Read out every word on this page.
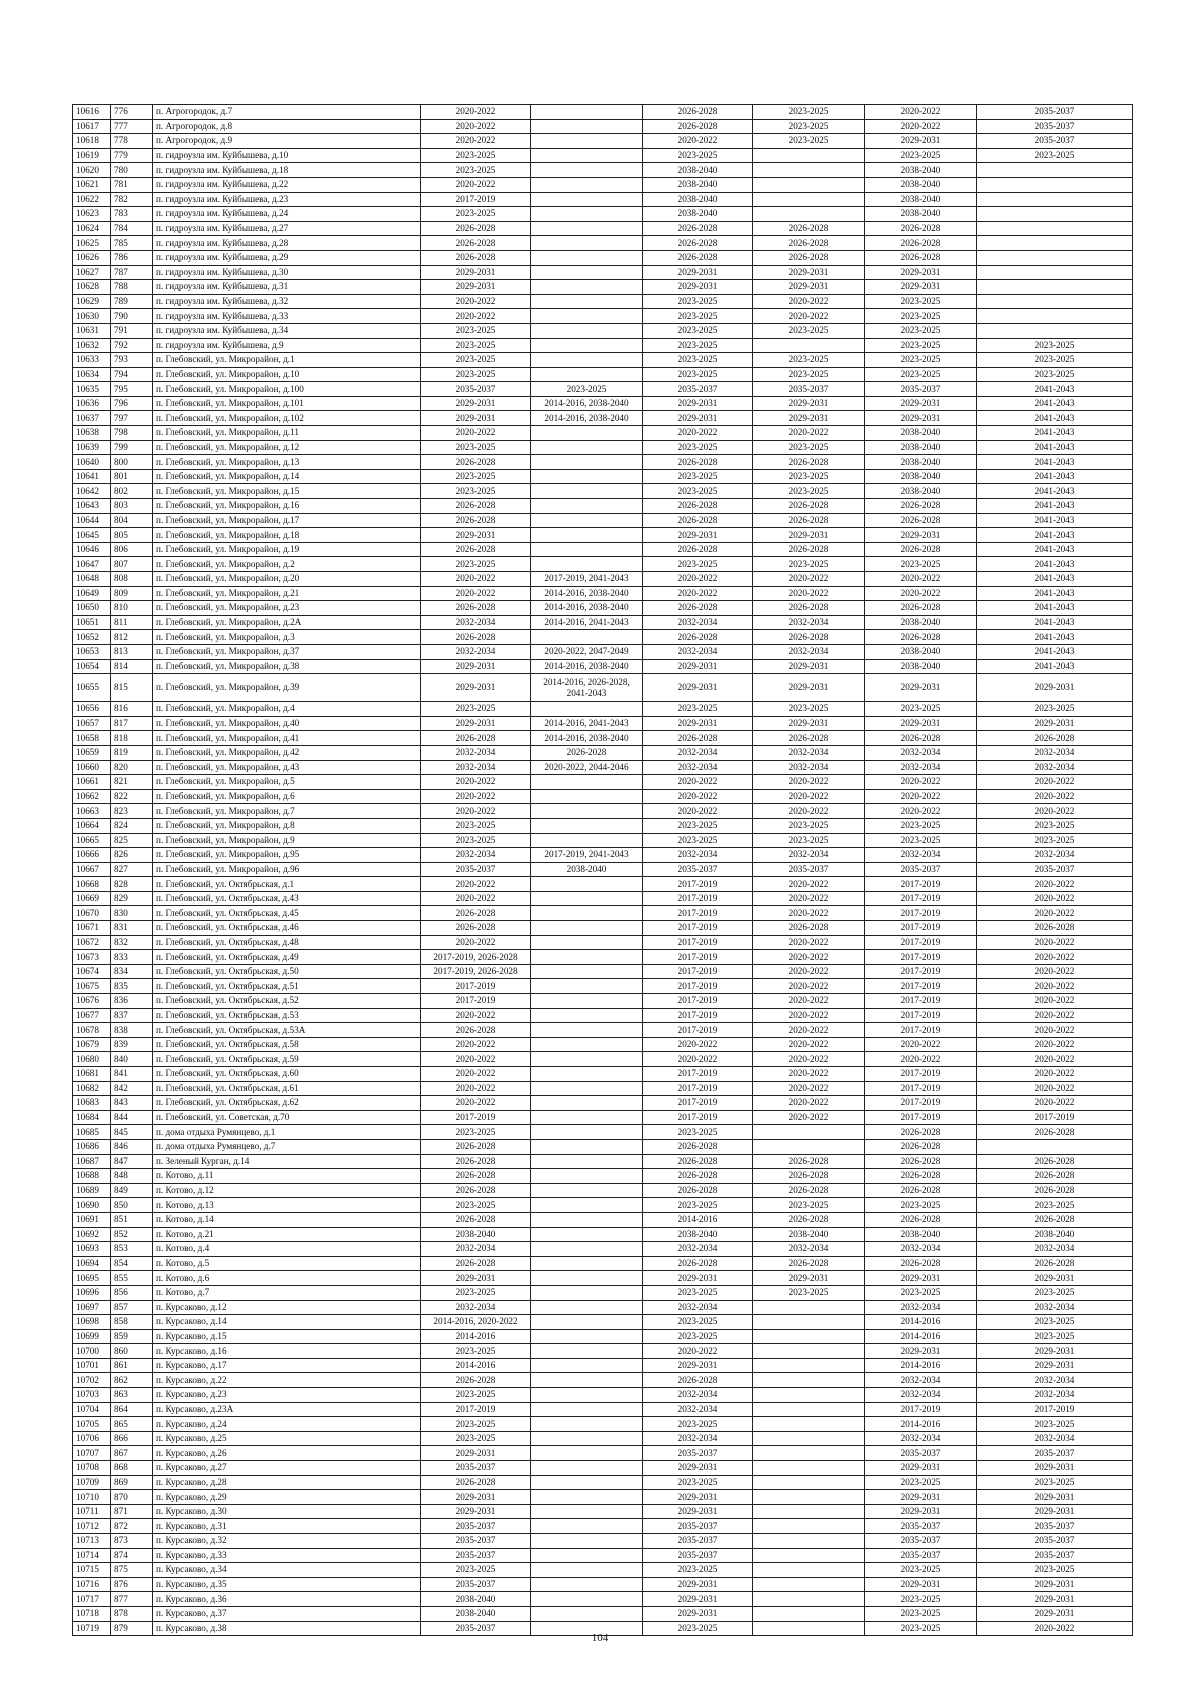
10616	776	п. Агрогородок, д.7	2020-2022		2026-2028	2023-2025	2020-2022	2035-2037
10617	777	п. Агрогородок, д.8	2020-2022		2026-2028	2023-2025	2020-2022	2035-2037
10618	778	п. Агрогородок, д.9	2020-2022		2020-2022	2023-2025	2029-2031	2035-2037
10619	779	п. гидроузла им. Куйбышева, д.10	2023-2025		2023-2025		2023-2025	2023-2025
10620	780	п. гидроузла им. Куйбышева, д.18	2023-2025		2038-2040		2038-2040	
10621	781	п. гидроузла им. Куйбышева, д.22	2020-2022		2038-2040		2038-2040	
10622	782	п. гидроузла им. Куйбышева, д.23	2017-2019		2038-2040		2038-2040	
10623	783	п. гидроузла им. Куйбышева, д.24	2023-2025		2038-2040		2038-2040	
10624	784	п. гидроузла им. Куйбышева, д.27	2026-2028		2026-2028	2026-2028	2026-2028	
10625	785	п. гидроузла им. Куйбышева, д.28	2026-2028		2026-2028	2026-2028	2026-2028	
10626	786	п. гидроузла им. Куйбышева, д.29	2026-2028		2026-2028	2026-2028	2026-2028	
10627	787	п. гидроузла им. Куйбышева, д.30	2029-2031		2029-2031	2029-2031	2029-2031	
10628	788	п. гидроузла им. Куйбышева, д.31	2029-2031		2029-2031	2029-2031	2029-2031	
10629	789	п. гидроузла им. Куйбышева, д.32	2020-2022		2023-2025	2020-2022	2023-2025	
10630	790	п. гидроузла им. Куйбышева, д.33	2020-2022		2023-2025	2020-2022	2023-2025	
10631	791	п. гидроузла им. Куйбышева, д.34	2023-2025		2023-2025	2023-2025	2023-2025	
10632	792	п. гидроузла им. Куйбышева, д.9	2023-2025		2023-2025		2023-2025	2023-2025
10633	793	п. Глебовский, ул. Микрорайон, д.1	2023-2025		2023-2025	2023-2025	2023-2025	2023-2025
10634	794	п. Глебовский, ул. Микрорайон, д.10	2023-2025		2023-2025	2023-2025	2023-2025	2023-2025
10635	795	п. Глебовский, ул. Микрорайон, д.100	2035-2037	2023-2025	2035-2037	2035-2037	2035-2037	2041-2043
10636	796	п. Глебовский, ул. Микрорайон, д.101	2029-2031	2014-2016, 2038-2040	2029-2031	2029-2031	2029-2031	2041-2043
10637	797	п. Глебовский, ул. Микрорайон, д.102	2029-2031	2014-2016, 2038-2040	2029-2031	2029-2031	2029-2031	2041-2043
10638	798	п. Глебовский, ул. Микрорайон, д.11	2020-2022		2020-2022	2020-2022	2038-2040	2041-2043
10639	799	п. Глебовский, ул. Микрорайон, д.12	2023-2025		2023-2025	2023-2025	2038-2040	2041-2043
10640	800	п. Глебовский, ул. Микрорайон, д.13	2026-2028		2026-2028	2026-2028	2038-2040	2041-2043
10641	801	п. Глебовский, ул. Микрорайон, д.14	2023-2025		2023-2025	2023-2025	2038-2040	2041-2043
10642	802	п. Глебовский, ул. Микрорайон, д.15	2023-2025		2023-2025	2023-2025	2038-2040	2041-2043
10643	803	п. Глебовский, ул. Микрорайон, д.16	2026-2028		2026-2028	2026-2028	2026-2028	2041-2043
10644	804	п. Глебовский, ул. Микрорайон, д.17	2026-2028		2026-2028	2026-2028	2026-2028	2041-2043
10645	805	п. Глебовский, ул. Микрорайон, д.18	2029-2031		2029-2031	2029-2031	2029-2031	2041-2043
10646	806	п. Глебовский, ул. Микрорайон, д.19	2026-2028		2026-2028	2026-2028	2026-2028	2041-2043
10647	807	п. Глебовский, ул. Микрорайон, д.2	2023-2025		2023-2025	2023-2025	2023-2025	2041-2043
10648	808	п. Глебовский, ул. Микрорайон, д.20	2020-2022	2017-2019, 2041-2043	2020-2022	2020-2022	2020-2022	2041-2043
10649	809	п. Глебовский, ул. Микрорайон, д.21	2020-2022	2014-2016, 2038-2040	2020-2022	2020-2022	2020-2022	2041-2043
10650	810	п. Глебовский, ул. Микрорайон, д.23	2026-2028	2014-2016, 2038-2040	2026-2028	2026-2028	2026-2028	2041-2043
10651	811	п. Глебовский, ул. Микрорайон, д.2А	2032-2034	2014-2016, 2041-2043	2032-2034	2032-2034	2038-2040	2041-2043
10652	812	п. Глебовский, ул. Микрорайон, д.3	2026-2028		2026-2028	2026-2028	2026-2028	2041-2043
10653	813	п. Глебовский, ул. Микрорайон, д.37	2032-2034	2020-2022, 2047-2049	2032-2034	2032-2034	2038-2040	2041-2043
10654	814	п. Глебовский, ул. Микрорайон, д.38	2029-2031	2014-2016, 2038-2040	2029-2031	2029-2031	2038-2040	2041-2043
10655	815	п. Глебовский, ул. Микрорайон, д.39	2029-2031	2014-2016, 2026-2028, 2041-2043	2029-2031	2029-2031	2029-2031	2029-2031
10656	816	п. Глебовский, ул. Микрорайон, д.4	2023-2025		2023-2025	2023-2025	2023-2025	2023-2025
10657	817	п. Глебовский, ул. Микрорайон, д.40	2029-2031	2014-2016, 2041-2043	2029-2031	2029-2031	2029-2031	2029-2031
10658	818	п. Глебовский, ул. Микрорайон, д.41	2026-2028	2014-2016, 2038-2040	2026-2028	2026-2028	2026-2028	2026-2028
10659	819	п. Глебовский, ул. Микрорайон, д.42	2032-2034	2026-2028	2032-2034	2032-2034	2032-2034	2032-2034
10660	820	п. Глебовский, ул. Микрорайон, д.43	2032-2034	2020-2022, 2044-2046	2032-2034	2032-2034	2032-2034	2032-2034
10661	821	п. Глебовский, ул. Микрорайон, д.5	2020-2022		2020-2022	2020-2022	2020-2022	2020-2022
10662	822	п. Глебовский, ул. Микрорайон, д.6	2020-2022		2020-2022	2020-2022	2020-2022	2020-2022
10663	823	п. Глебовский, ул. Микрорайон, д.7	2020-2022		2020-2022	2020-2022	2020-2022	2020-2022
10664	824	п. Глебовский, ул. Микрорайон, д.8	2023-2025		2023-2025	2023-2025	2023-2025	2023-2025
10665	825	п. Глебовский, ул. Микрорайон, д.9	2023-2025		2023-2025	2023-2025	2023-2025	2023-2025
10666	826	п. Глебовский, ул. Микрорайон, д.95	2032-2034	2017-2019, 2041-2043	2032-2034	2032-2034	2032-2034	2032-2034
10667	827	п. Глебовский, ул. Микрорайон, д.96	2035-2037	2038-2040	2035-2037	2035-2037	2035-2037	2035-2037
10668	828	п. Глебовский, ул. Октябрьская, д.1	2020-2022		2017-2019	2020-2022	2017-2019	2020-2022
10669	829	п. Глебовский, ул. Октябрьская, д.43	2020-2022		2017-2019	2020-2022	2017-2019	2020-2022
10670	830	п. Глебовский, ул. Октябрьская, д.45	2026-2028		2017-2019	2020-2022	2017-2019	2020-2022
10671	831	п. Глебовский, ул. Октябрьская, д.46	2026-2028		2017-2019	2026-2028	2017-2019	2026-2028
10672	832	п. Глебовский, ул. Октябрьская, д.48	2020-2022		2017-2019	2020-2022	2017-2019	2020-2022
10673	833	п. Глебовский, ул. Октябрьская, д.49	2017-2019, 2026-2028		2017-2019	2020-2022	2017-2019	2020-2022
10674	834	п. Глебовский, ул. Октябрьская, д.50	2017-2019, 2026-2028		2017-2019	2020-2022	2017-2019	2020-2022
10675	835	п. Глебовский, ул. Октябрьская, д.51	2017-2019		2017-2019	2020-2022	2017-2019	2020-2022
10676	836	п. Глебовский, ул. Октябрьская, д.52	2017-2019		2017-2019	2020-2022	2017-2019	2020-2022
10677	837	п. Глебовский, ул. Октябрьская, д.53	2020-2022		2017-2019	2020-2022	2017-2019	2020-2022
10678	838	п. Глебовский, ул. Октябрьская, д.53А	2026-2028		2017-2019	2020-2022	2017-2019	2020-2022
10679	839	п. Глебовский, ул. Октябрьская, д.58	2020-2022		2020-2022	2020-2022	2020-2022	2020-2022
10680	840	п. Глебовский, ул. Октябрьская, д.59	2020-2022		2020-2022	2020-2022	2020-2022	2020-2022
10681	841	п. Глебовский, ул. Октябрьская, д.60	2020-2022		2017-2019	2020-2022	2017-2019	2020-2022
10682	842	п. Глебовский, ул. Октябрьская, д.61	2020-2022		2017-2019	2020-2022	2017-2019	2020-2022
10683	843	п. Глебовский, ул. Октябрьская, д.62	2020-2022		2017-2019	2020-2022	2017-2019	2020-2022
10684	844	п. Глебовский, ул. Советская, д.70	2017-2019		2017-2019	2020-2022	2017-2019	2017-2019
10685	845	п. дома отдыха Румянцево, д.1	2023-2025		2023-2025		2026-2028	2026-2028
10686	846	п. дома отдыха Румянцево, д.7	2026-2028		2026-2028		2026-2028	
10687	847	п. Зеленый Курган, д.14	2026-2028		2026-2028	2026-2028	2026-2028	2026-2028
10688	848	п. Котово, д.11	2026-2028		2026-2028	2026-2028	2026-2028	2026-2028
10689	849	п. Котово, д.12	2026-2028		2026-2028	2026-2028	2026-2028	2026-2028
10690	850	п. Котово, д.13	2023-2025		2023-2025	2023-2025	2023-2025	2023-2025
10691	851	п. Котово, д.14	2026-2028		2014-2016	2026-2028	2026-2028	2026-2028
10692	852	п. Котово, д.21	2038-2040		2038-2040	2038-2040	2038-2040	2038-2040
10693	853	п. Котово, д.4	2032-2034		2032-2034	2032-2034	2032-2034	2032-2034
10694	854	п. Котово, д.5	2026-2028		2026-2028	2026-2028	2026-2028	2026-2028
10695	855	п. Котово, д.6	2029-2031		2029-2031	2029-2031	2029-2031	2029-2031
10696	856	п. Котово, д.7	2023-2025		2023-2025	2023-2025	2023-2025	2023-2025
10697	857	п. Курсаково, д.12	2032-2034		2032-2034		2032-2034	2032-2034
10698	858	п. Курсаково, д.14	2014-2016, 2020-2022		2023-2025		2014-2016	2023-2025
10699	859	п. Курсаково, д.15	2014-2016		2023-2025		2014-2016	2023-2025
10700	860	п. Курсаково, д.16	2023-2025		2020-2022		2029-2031	2029-2031
10701	861	п. Курсаково, д.17	2014-2016		2029-2031		2014-2016	2029-2031
10702	862	п. Курсаково, д.22	2026-2028		2026-2028		2032-2034	2032-2034
10703	863	п. Курсаково, д.23	2023-2025		2032-2034		2032-2034	2032-2034
10704	864	п. Курсаково, д.23А	2017-2019		2032-2034		2017-2019	2017-2019
10705	865	п. Курсаково, д.24	2023-2025		2023-2025		2014-2016	2023-2025
10706	866	п. Курсаково, д.25	2023-2025		2032-2034		2032-2034	2032-2034
10707	867	п. Курсаково, д.26	2029-2031		2035-2037		2035-2037	2035-2037
10708	868	п. Курсаково, д.27	2035-2037		2029-2031		2029-2031	2029-2031
10709	869	п. Курсаково, д.28	2026-2028		2023-2025		2023-2025	2023-2025
10710	870	п. Курсаково, д.29	2029-2031		2029-2031		2029-2031	2029-2031
10711	871	п. Курсаково, д.30	2029-2031		2029-2031		2029-2031	2029-2031
10712	872	п. Курсаково, д.31	2035-2037		2035-2037		2035-2037	2035-2037
10713	873	п. Курсаково, д.32	2035-2037		2035-2037		2035-2037	2035-2037
10714	874	п. Курсаково, д.33	2035-2037		2035-2037		2035-2037	2035-2037
10715	875	п. Курсаково, д.34	2023-2025		2023-2025		2023-2025	2023-2025
10716	876	п. Курсаково, д.35	2035-2037		2029-2031		2029-2031	2029-2031
10717	877	п. Курсаково, д.36	2038-2040		2029-2031		2023-2025	2029-2031
10718	878	п. Курсаково, д.37	2038-2040		2029-2031		2023-2025	2029-2031
10719	879	п. Курсаково, д.38	2035-2037		2023-2025		2023-2025	2020-2022
104
